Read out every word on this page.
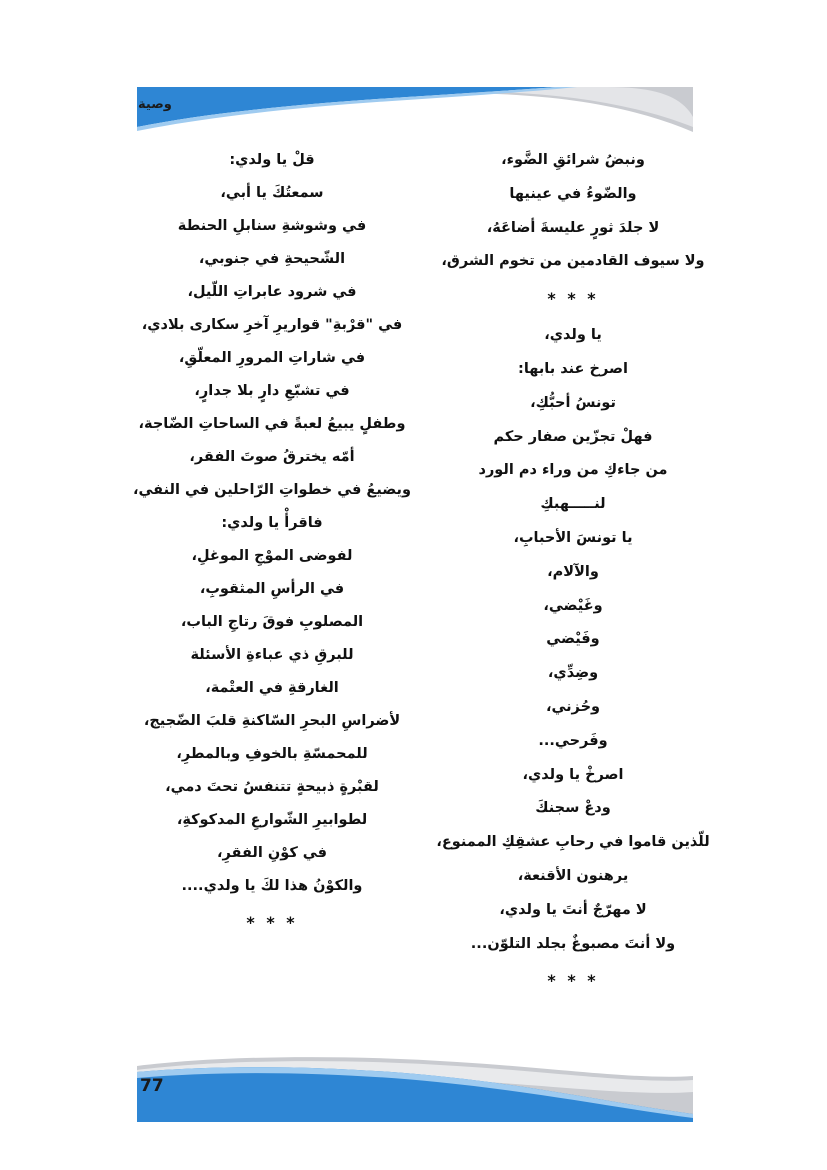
وصية
ونبضُ شرائقِ الضَّوء،
والضّوءُ في عينيها
لا جلدَ ثورٍ عليسةَ أضاعَهُ،
ولا سيوف القادمين من تخوم الشرق،
* * *
يا ولدي،
اصرخ عند بابها:
تونسُ أحبُّكِ،
فهلْ تجزّين صفار حكم
من جاءكِ من وراء دم الورد
لنـــــهبكِ
يا تونسَ الأحبابِ،
والآلام،
وغَيْضي،
وفَيْضي
وضِدِّي،
وحُزني،
وفَرحي...
اصرخْ يا ولدي،
ودعْ سجنكَ
للّذين قاموا في رحابِ عشقِكِ الممنوع،
يرهنون الأقنعة،
لا مهرّجٌ أنتَ يا ولدي،
ولا أنتَ مصبوغٌ بجلد التلوّن...
* * *
قلْ يا ولدي:
سمعتُكَ يا أبي،
في وشوشةِ سنابلِ الحنطة
الشّحيحةِ في جنوبي،
في شرود عابراتِ اللّيل،
في "قرْبةِ" قواريرِ آخرِ سكارى بلادي،
في شاراتِ المرورِ المعلّقِ،
في تشبّعِ دارٍ بلا جدارٍ،
وطفلٍ يبيعُ لعبةً في الساحاتِ الضّاجة،
أمّه يخترقُ صوتَ الفقر،
ويضيعُ في خطواتِ الرّاحلين في النفي،
فاقرأْ يا ولدي:
لفوضى الموْجِ الموغلِ،
في الرأسِ المثقوبِ،
المصلوبِ فوقَ رتاجِ الباب،
للبرقِ ذي عباءةِ الأسئلة
الغارقةِ في العتْمة،
لأضراسِ البحرِ السّاكنةِ قلبَ الضّجيج،
للمحمسّةِ بالخوفِ وبالمطرِ،
لقبْرةٍ ذبيحةٍ تتنفسُ تحتَ دمي،
لطوابيرِ الشّوارعِ المدكوكةِ،
في كوْنِ الفقرِ،
والكوْنُ هذا لكَ يا ولدي....
* * *
77
